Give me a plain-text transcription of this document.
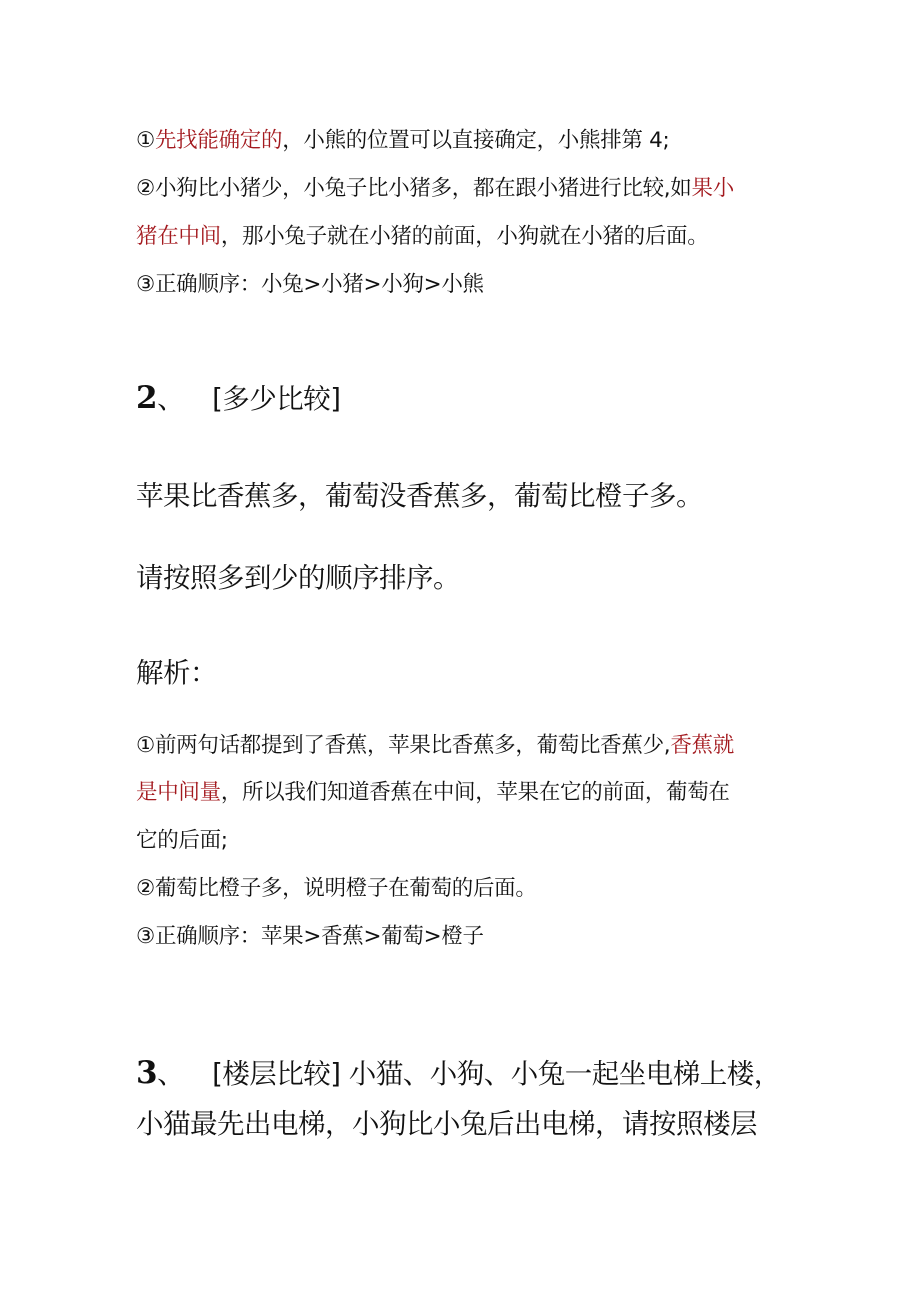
①先找能确定的，小熊的位置可以直接确定，小熊排第 4;
②小狗比小猪少，小兔子比小猪多，都在跟小猪进行比较,如果小
猪在中间，那小兔子就在小猪的前面，小狗就在小猪的后面。
③正确顺序：小兔>小猪>小狗>小熊
2、 [多少比较]
苹果比香蕉多，葡萄没香蕉多，葡萄比橙子多。
请按照多到少的顺序排序。
解析：
①前两句话都提到了香蕉，苹果比香蕉多，葡萄比香蕉少,香蕉就
是中间量，所以我们知道香蕉在中间，苹果在它的前面，葡萄在
它的后面;
②葡萄比橙子多，说明橙子在葡萄的后面。
③正确顺序：苹果>香蕉>葡萄>橙子
3、 [楼层比较] 小猫、小狗、小兔一起坐电梯上楼，
小猫最先出电梯，小狗比小兔后出电梯，请按照楼层
